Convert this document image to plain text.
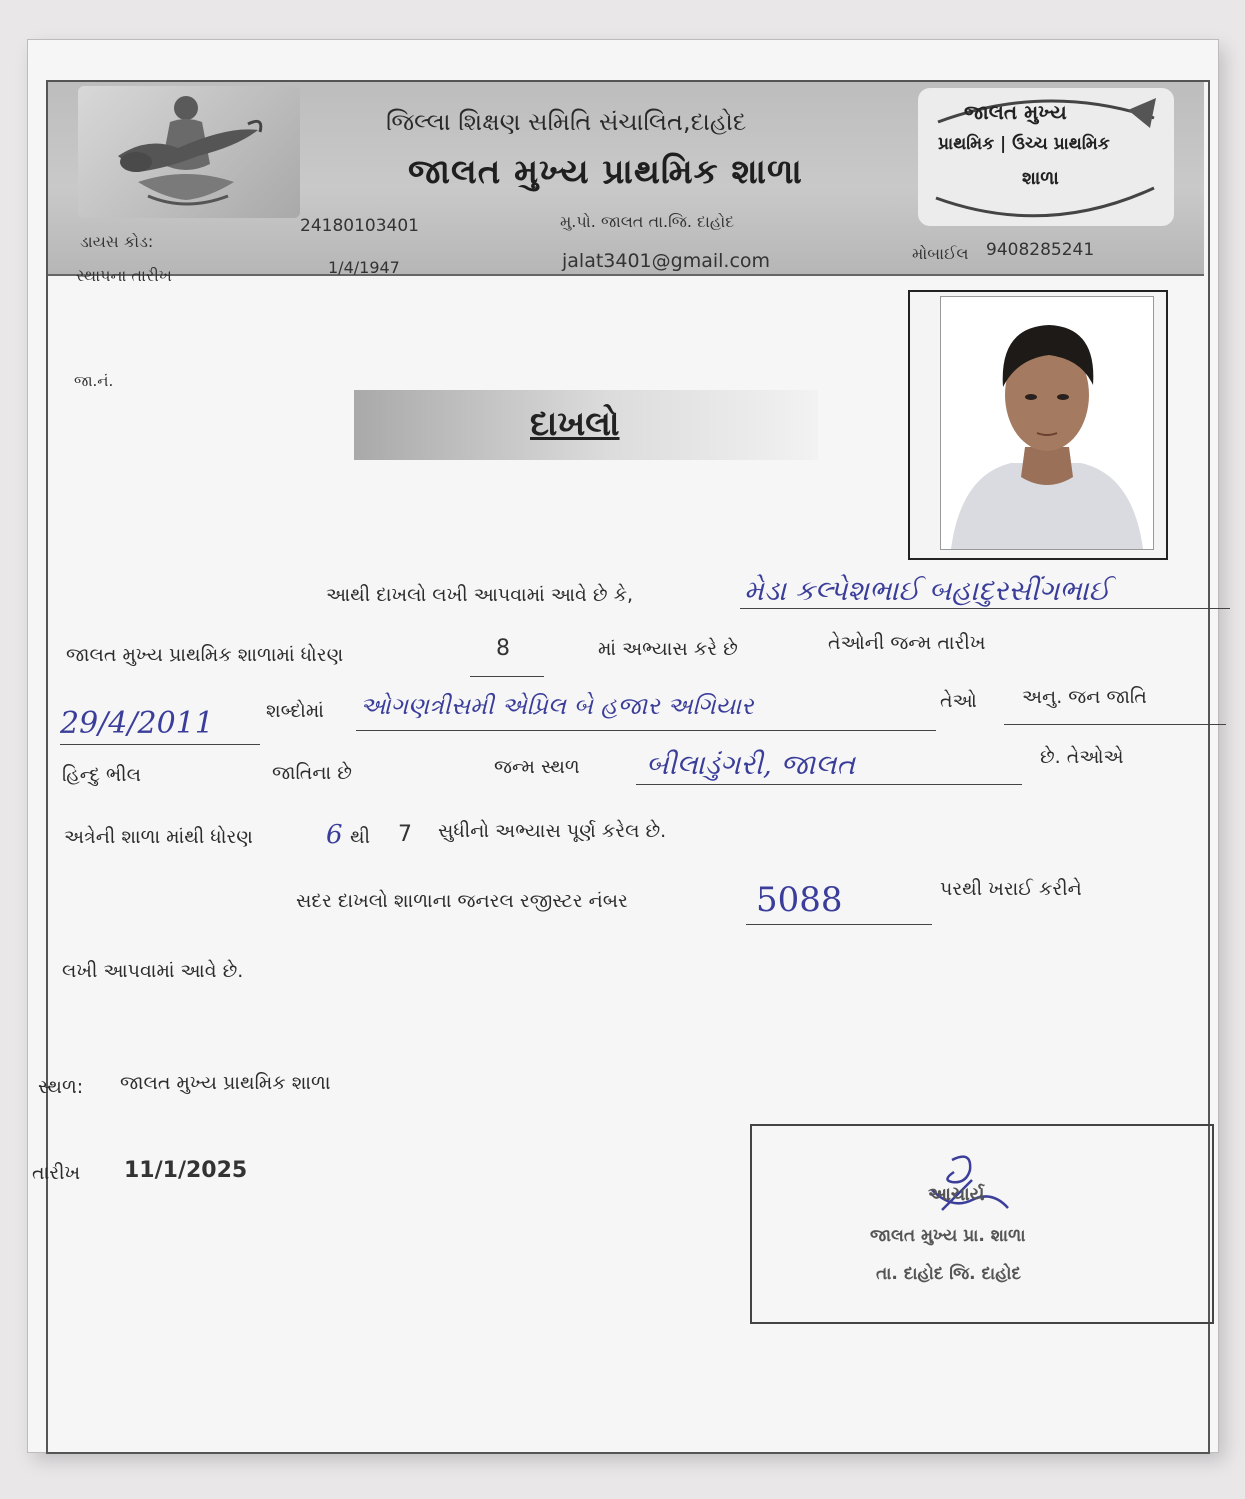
જિલ્લા શિક્ષણ સમિતિ સંચાલિત,દાહોદ
જાલત મુખ્ય પ્રાથમિક શાળા
જાલત મુખ્ય
પ્રાથમિક | ઉચ્ચ પ્રાથમિક
શાળા
ડાયસ કોડ:
24180103401	મુ.પો. જાલત તા.જિ. દાહોદ
સ્થાપના તારીખ	1/4/1947	jalat3401@gmail.com	મોબાઈલ 9408285241
જા.નં.
દાખલો
આથી દાખલો લખી આપવામાં આવે છે કે,	મેડા કલ્પેશભાઈ બહાદુરસીંગભાઈ
જાલત મુખ્ય પ્રાથમિક શાળામાં ધોરણ	8	માં અભ્યાસ કરે છે	તેઓની જન્મ તારીખ
29/4/2011	શબ્દોમાં ઓગણત્રીસમી એપ્રિલ બે હજાર અગિયાર	તેઓ અનુ. જન જાતિ
હિન્દુ ભીલ	જાતિના છે	જન્મ સ્થળ બીલાડુંગરી, જાલત	છે. તેઓએ
અત્રેની શાળા માંથી ધોરણ	6 થી 7 સુધીનો અભ્યાસ પૂર્ણ કરેલ છે.
સદર દાખલો શાળાના જનરલ રજીસ્ટર નંબર	5088	પરથી ખરાઈ કરીને
લખી આપવામાં આવે છે.
સ્થળ: જાલત મુખ્ય પ્રાથમિક શાળા
તારીખ 11/1/2025
આચાર્ય
જાલત મુખ્ય પ્રા. શાળા
તા. દાહોદ જિ. દાહોદ
